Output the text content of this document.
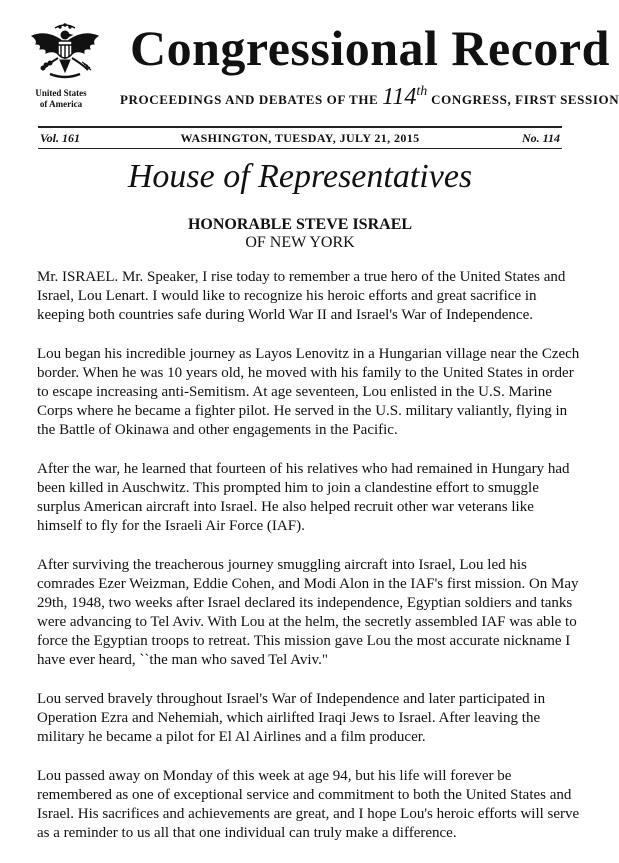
United States
of America
Congressional Record
PROCEEDINGS AND DEBATES OF THE 114th CONGRESS, FIRST SESSION
Vol. 161	WASHINGTON, TUESDAY, JULY 21, 2015	No. 114
House of Representatives
HONORABLE STEVE ISRAEL
OF NEW YORK

Mr. ISRAEL. Mr. Speaker, I rise today to remember a true hero of the United States and Israel, Lou Lenart. I would like to recognize his heroic efforts and great sacrifice in keeping both countries safe during World War II and Israel's War of Independence.

Lou began his incredible journey as Layos Lenovitz in a Hungarian village near the Czech border. When he was 10 years old, he moved with his family to the United States in order to escape increasing anti-Semitism. At age seventeen, Lou enlisted in the U.S. Marine Corps where he became a fighter pilot. He served in the U.S. military valiantly, flying in the Battle of Okinawa and other engagements in the Pacific.

After the war, he learned that fourteen of his relatives who had remained in Hungary had been killed in Auschwitz. This prompted him to join a clandestine effort to smuggle surplus American aircraft into Israel. He also helped recruit other war veterans like himself to fly for the Israeli Air Force (IAF).

After surviving the treacherous journey smuggling aircraft into Israel, Lou led his comrades Ezer Weizman, Eddie Cohen, and Modi Alon in the IAF's first mission. On May 29th, 1948, two weeks after Israel declared its independence, Egyptian soldiers and tanks were advancing to Tel Aviv. With Lou at the helm, the secretly assembled IAF was able to force the Egyptian troops to retreat. This mission gave Lou the most accurate nickname I have ever heard, ``the man who saved Tel Aviv."

Lou served bravely throughout Israel's War of Independence and later participated in Operation Ezra and Nehemiah, which airlifted Iraqi Jews to Israel. After leaving the military he became a pilot for El Al Airlines and a film producer.

Lou passed away on Monday of this week at age 94, but his life will forever be remembered as one of exceptional service and commitment to both the United States and Israel. His sacrifices and achievements are great, and I hope Lou's heroic efforts will serve as a reminder to us all that one individual can truly make a difference.
